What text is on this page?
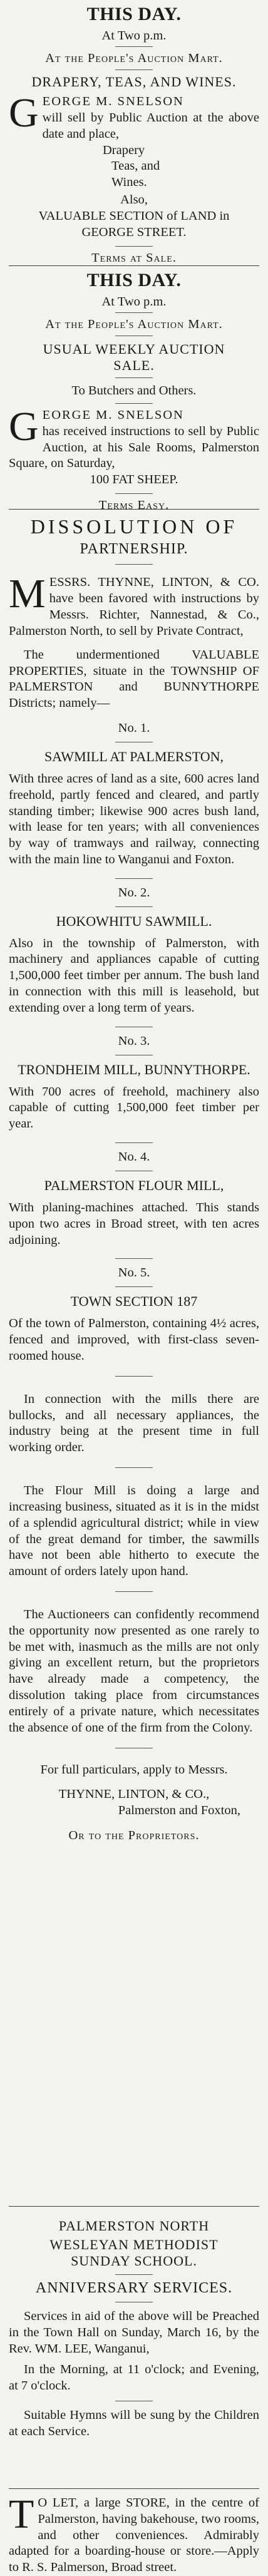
THIS DAY.
At Two p.m.
At the People's Auction Mart.
DRAPERY, TEAS, AND WINES.
G EORGE M. SNELSON
will sell by Public Auction at the above date and place,
Drapery
Teas, and
Wines.
Also,
VALUABLE SECTION of LAND in GEORGE STREET.
Terms at Sale.
THIS DAY.
At Two p.m.
At the People's Auction Mart.
USUAL WEEKLY AUCTION
SALE.
To Butchers and Others.
G EORGE M. SNELSON
has received instructions to sell by Public Auction, at his Sale Rooms, Palmerston Square, on Saturday,
100 FAT SHEEP.
Terms Easy.
DISSOLUTION OF
PARTNERSHIP.
M ESSRS. THYNNE, LINTON, & CO. have been favored with instructions by Messrs. Richter, Nannestad, & Co., Palmerston North, to sell by Private Contract,

The undermentioned VALUABLE PROPERTIES, situate in the TOWNSHIP OF PALMERSTON and BUNNYTHORPE Districts; namely—

No. 1.
SAWMILL AT PALMERSTON,

With three acres of land as a site, 600 acres land freehold, partly fenced and cleared, and partly standing timber; likewise 900 acres bush land, with lease for ten years; with all conveniences by way of tramways and railway, connecting with the main line to Wanganui and Foxton.

No. 2.
HOKOWHITU SAWMILL.

Also in the township of Palmerston, with machinery and appliances capable of cutting 1,500,000 feet timber per annum. The bush land in connection with this mill is leasehold, but extending over a long term of years.

No. 3.
TRONDHEIM MILL, BUNNYTHORPE.

With 700 acres of freehold, machinery also capable of cutting 1,500,000 feet timber per year.

No. 4.
PALMERSTON FLOUR MILL,

With planing-machines attached. This stands upon two acres in Broad street, with ten acres adjoining.

No. 5.
TOWN SECTION 187

Of the town of Palmerston, containing 4½ acres, fenced and improved, with first-class seven-roomed house.

In connection with the mills there are bullocks, and all necessary appliances, the industry being at the present time in full working order.

The Flour Mill is doing a large and increasing business, situated as it is in the midst of a splendid agricultural district; while in view of the great demand for timber, the sawmills have not been able hitherto to execute the amount of orders lately upon hand.

The Auctioneers can confidently recommend the opportunity now presented as one rarely to be met with, inasmuch as the mills are not only giving an excellent return, but the proprietors have already made a competency, the dissolution taking place from circumstances entirely of a private nature, which necessitates the absence of one of the firm from the Colony.

For full particulars, apply to Messrs.
THYNNE, LINTON, & CO.,
Palmerston and Foxton,
Or to the Proprietors.
PALMERSTON NORTH
WESLEYAN METHODIST
SUNDAY SCHOOL.
ANNIVERSARY SERVICES.

Services in aid of the above will be Preached in the Town Hall on Sunday, March 16, by the Rev. WM. LEE, Wanganui,

In the Morning, at 11 o'clock; and Evening, at 7 o'clock.

Suitable Hymns will be sung by the Children at each Service.

T O LET, a large STORE, in the centre of Palmerston, having bakehouse, two rooms, and other conveniences. Admirably adapted for a boarding-house or store.—Apply to R. S. Palmerson, Broad street.
